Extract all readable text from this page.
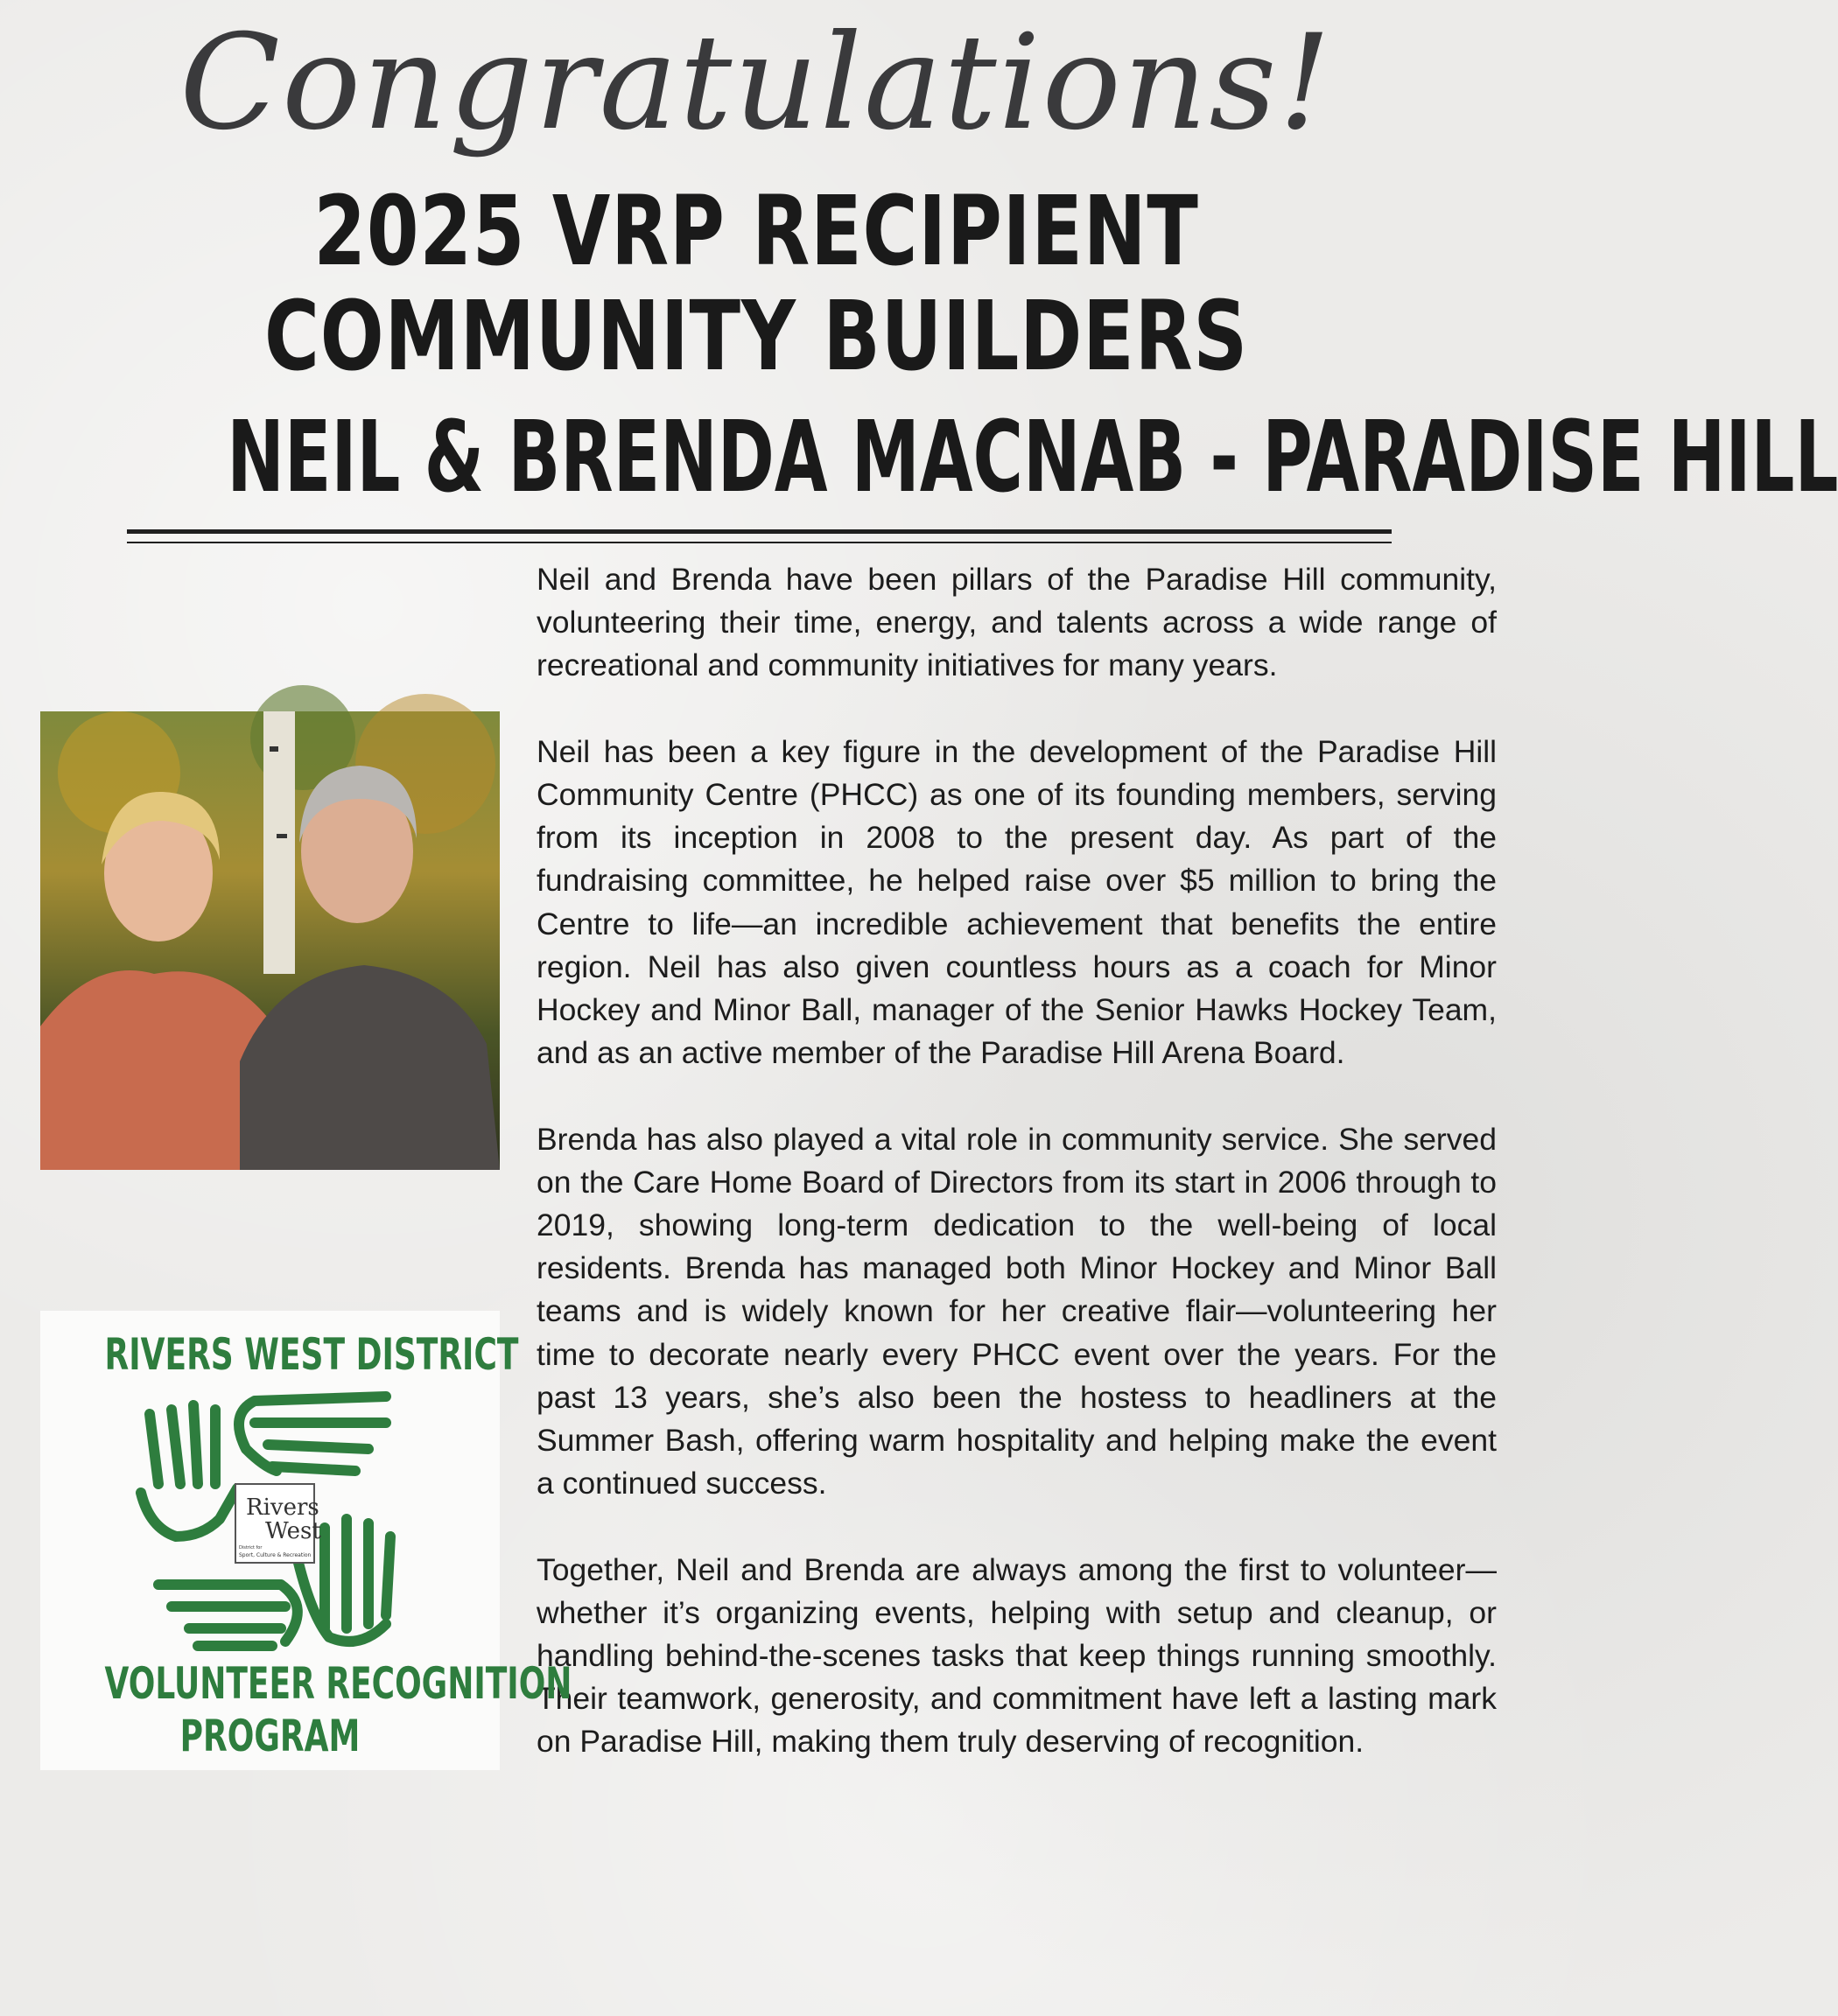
Congratulations!
2025 VRP RECIPIENT
COMMUNITY BUILDERS
NEIL & BRENDA MACNAB - PARADISE HILL

Neil and Brenda have been pillars of the Paradise Hill community, volunteering their time, energy, and talents across a wide range of recreational and community initiatives for many years.

Neil has been a key figure in the development of the Paradise Hill Community Centre (PHCC) as one of its founding members, serving from its inception in 2008 to the present day. As part of the fundraising committee, he helped raise over $5 million to bring the Centre to life—an incredible achievement that benefits the entire region. Neil has also given countless hours as a coach for Minor Hockey and Minor Ball, manager of the Senior Hawks Hockey Team, and as an active member of the Paradise Hill Arena Board.

Brenda has also played a vital role in community service. She served on the Care Home Board of Directors from its start in 2006 through to 2019, showing long-term dedication to the well-being of local residents. Brenda has managed both Minor Hockey and Minor Ball teams and is widely known for her creative flair—volunteering her time to decorate nearly every PHCC event over the years. For the past 13 years, she’s also been the hostess to headliners at the Summer Bash, offering warm hospitality and helping make the event a continued success.

Together, Neil and Brenda are always among the first to volunteer—whether it’s organizing events, helping with setup and cleanup, or handling behind-the-scenes tasks that keep things running smoothly. Their teamwork, generosity, and commitment have left a lasting mark on Paradise Hill, making them truly deserving of recognition.

RIVERS WEST DISTRICT
Rivers
West
District for
Sport, Culture & Recreation
VOLUNTEER RECOGNITION
PROGRAM
